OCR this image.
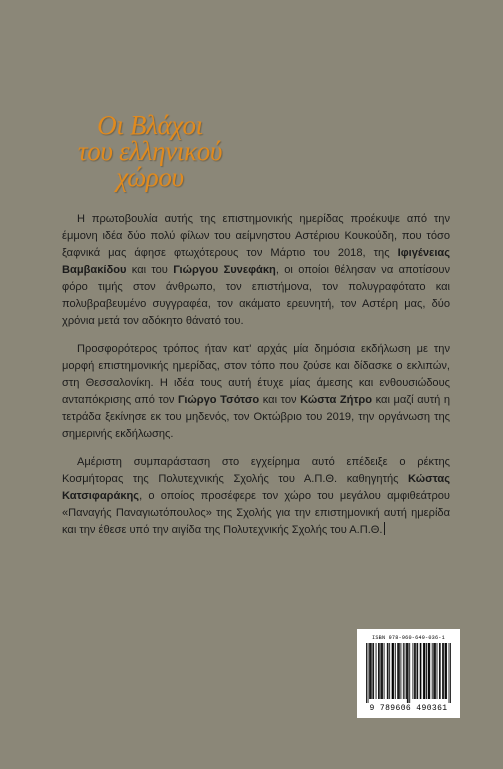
Οι Βλάχοι
του ελληνικού
χώρου

Η πρωτοβουλία αυτής της επιστημονικής ημερίδας προέκυψε από την έμμονη ιδέα δύο πολύ φίλων του αείμνηστου Αστέριου Κουκούδη, που τόσο ξαφνικά μας άφησε φτωχότερους τον Μάρτιο του 2018, της Ιφιγένειας Βαμβακίδου και του Γιώργου Συνεφάκη, οι οποίοι θέλησαν να αποτίσουν φόρο τιμής στον άνθρωπο, τον επιστήμονα, τον πολυγραφότατο και πολυβραβευμένο συγγραφέα, τον ακάματο ερευνητή, τον Αστέρη μας, δύο χρόνια μετά τον αδόκητο θάνατό του.

Προσφορότερος τρόπος ήταν κατ' αρχάς μία δημόσια εκδήλωση με την μορφή επιστημονικής ημερίδας, στον τόπο που ζούσε και δίδασκε ο εκλιπών, στη Θεσσαλονίκη. Η ιδέα τους αυτή έτυχε μίας άμεσης και ενθουσιώδους ανταπόκρισης από τον Γιώργο Τσότσο και τον Κώστα Ζήτρο και μαζί αυτή η τετράδα ξεκίνησε εκ του μηδενός, τον Οκτώβριο του 2019, την οργάνωση της σημερινής εκδήλωσης.

Αμέριστη συμπαράσταση στο εγχείρημα αυτό επέδειξε ο ρέκτης Κοσμήτορας της Πολυτεχνικής Σχολής του Α.Π.Θ. καθηγητής Κώστας Κατσιφαράκης, ο οποίος προσέφερε τον χώρο του μεγάλου αμφιθεάτρου «Παναγής Παναγιωτόπουλος» της Σχολής για την επιστημονική αυτή ημερίδα και την έθεσε υπό την αιγίδα της Πολυτεχνικής Σχολής του Α.Π.Θ.

ISBN 978-960-649-036-1
9 789606 490361
